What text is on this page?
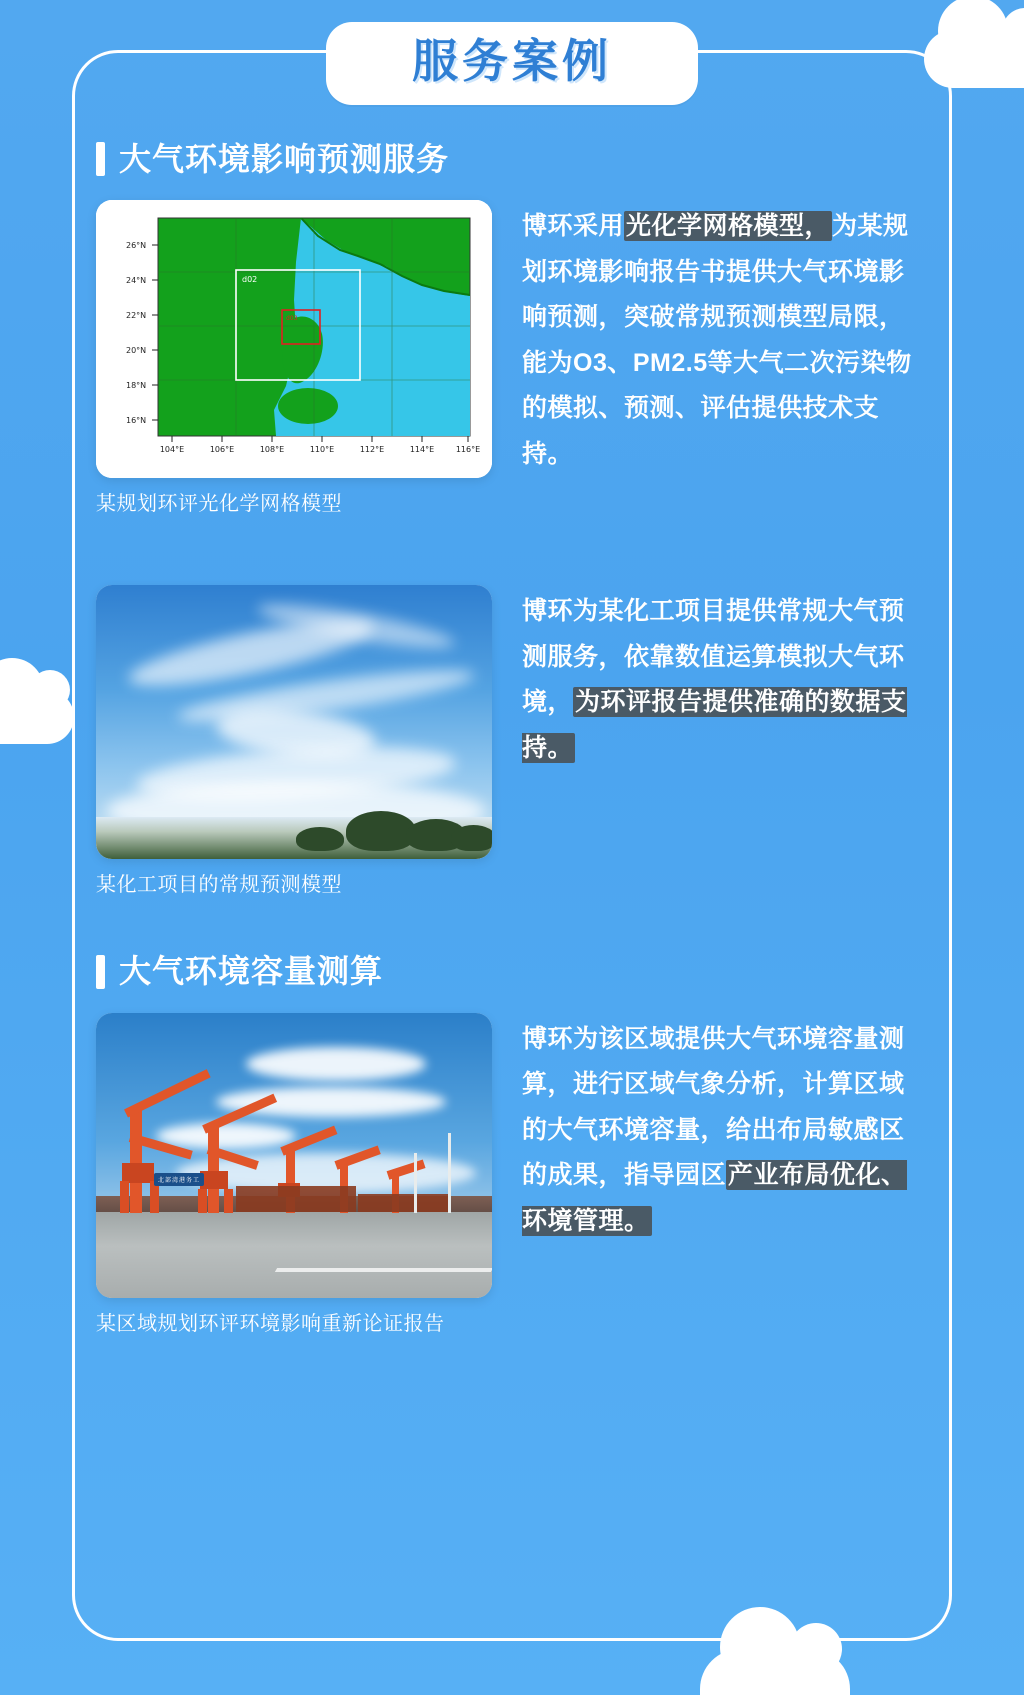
服务案例
大气环境影响预测服务
d02
d03
26°N
24°N
22°N
20°N
18°N
16°N
104°E	106°E	108°E	110°E	112°E	114°E	116°E
某规划环评光化学网格模型
博环采用光化学网格模型，为某规划环境影响报告书提供大气环境影响预测，突破常规预测模型局限，能为O3、PM2.5等大气二次污染物的模拟、预测、评估提供技术支持。
某化工项目的常规预测模型
博环为某化工项目提供常规大气预测服务，依靠数值运算模拟大气环境，为环评报告提供准确的数据支持。
大气环境容量测算
北部湾港务工
某区域规划环评环境影响重新论证报告
博环为该区域提供大气环境容量测算，进行区域气象分析，计算区域的大气环境容量，给出布局敏感区的成果，指导园区产业布局优化、环境管理。
